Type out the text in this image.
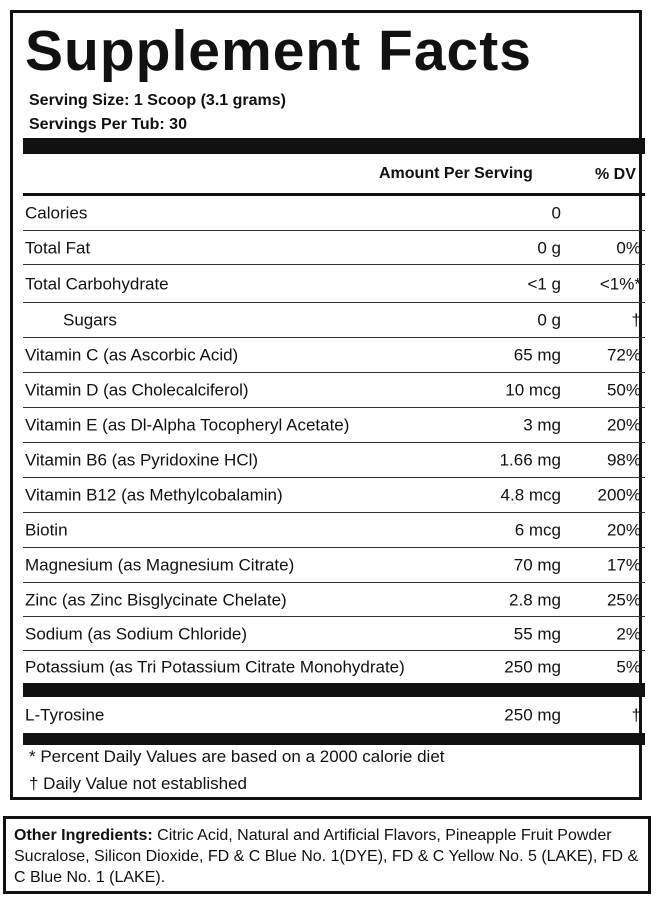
Supplement Facts
Serving Size: 1 Scoop (3.1 grams)
Servings Per Tub: 30
Amount Per Serving	% DV
Calories	0
Total Fat	0 g	0%
Total Carbohydrate	<1 g <1%*
Sugars	0 g	†
Vitamin C (as Ascorbic Acid)	65 mg	72%
Vitamin D (as Cholecalciferol)	10 mcg	50%
Vitamin E (as Dl-Alpha Tocopheryl Acetate)	3 mg	20%
Vitamin B6 (as Pyridoxine HCl)	1.66 mg	98%
Vitamin B12 (as Methylcobalamin)	4.8 mcg 200%
Biotin	6 mcg	20%
Magnesium (as Magnesium Citrate)	70 mg	17%
Zinc (as Zinc Bisglycinate Chelate)	2.8 mg	25%
Sodium (as Sodium Chloride)	55 mg	2%
Potassium (as Tri Potassium Citrate Monohydrate)	250 mg	5%
L-Tyrosine	250 mg	†
* Percent Daily Values are based on a 2000 calorie diet
† Daily Value not established
Other Ingredients: Citric Acid, Natural and Artificial Flavors, Pineapple Fruit Powder Sucralose, Silicon Dioxide, FD & C Blue No. 1(DYE), FD & C Yellow No. 5 (LAKE), FD & C Blue No. 1 (LAKE).
